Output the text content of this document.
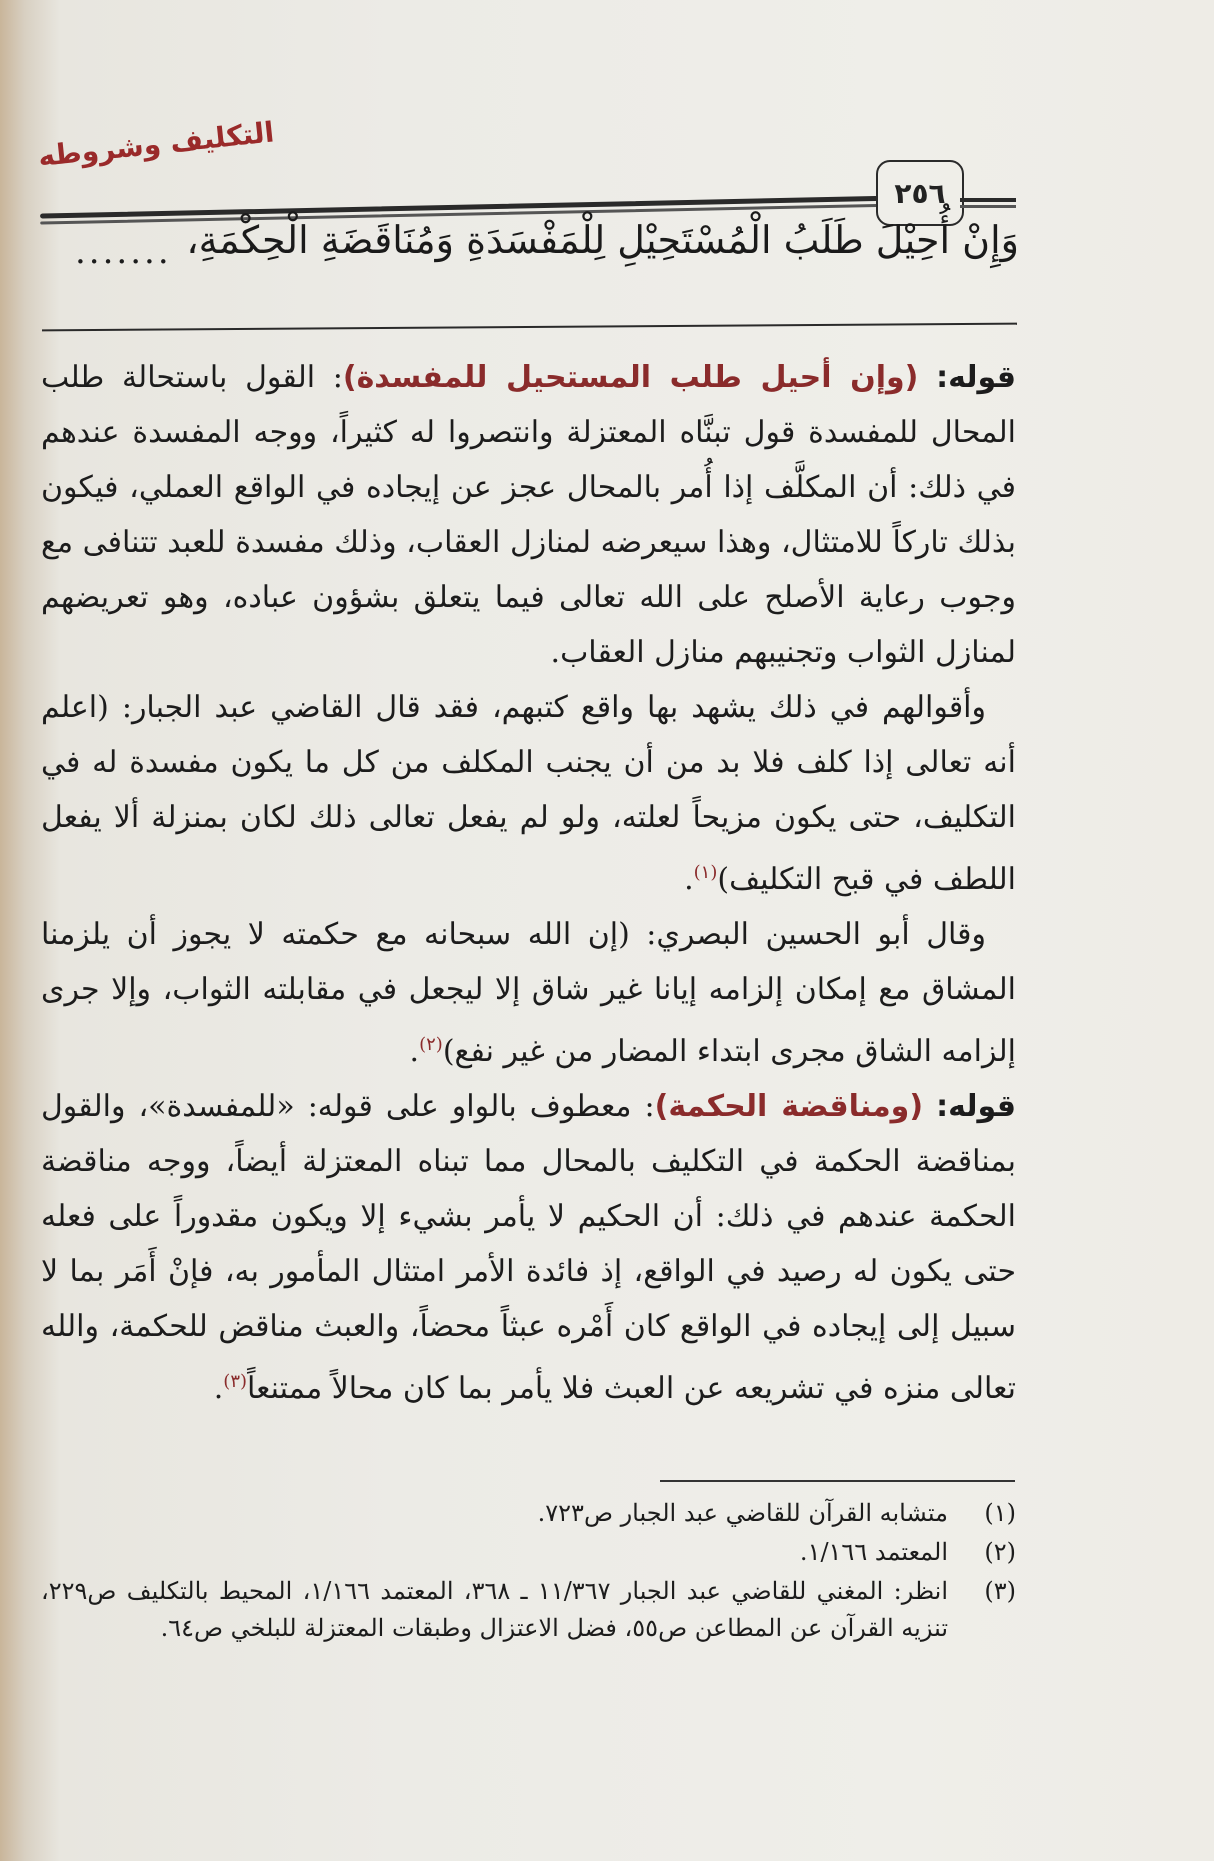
التكليف وشروطه
٢٥٦
وَإِنْ أُحِيْلَ طَلَبُ الْمُسْتَحِيْلِ لِلْمَفْسَدَةِ وَمُنَاقَضَةِ الْحِكْمَةِ،
.......

قوله: (وإن أحيل طلب المستحيل للمفسدة): القول باستحالة طلب المحال للمفسدة قول تبنَّاه المعتزلة وانتصروا له كثيراً، ووجه المفسدة عندهم في ذلك: أن المكلَّف إذا أُمر بالمحال عجز عن إيجاده في الواقع العملي، فيكون بذلك تاركاً للامتثال، وهذا سيعرضه لمنازل العقاب، وذلك مفسدة للعبد تتنافى مع وجوب رعاية الأصلح على الله تعالى فيما يتعلق بشؤون عباده، وهو تعريضهم لمنازل الثواب وتجنيبهم منازل العقاب.

وأقوالهم في ذلك يشهد بها واقع كتبهم، فقد قال القاضي عبد الجبار: (اعلم أنه تعالى إذا كلف فلا بد من أن يجنب المكلف من كل ما يكون مفسدة له في التكليف، حتى يكون مزيحاً لعلته، ولو لم يفعل تعالى ذلك لكان بمنزلة ألا يفعل اللطف في قبح التكليف)$^{(١)}$.

وقال أبو الحسين البصري: (إن الله سبحانه مع حكمته لا يجوز أن يلزمنا المشاق مع إمكان إلزامه إيانا غير شاق إلا ليجعل في مقابلته الثواب، وإلا جرى إلزامه الشاق مجرى ابتداء المضار من غير نفع)$^{(٢)}$.

قوله: (ومناقضة الحكمة): معطوف بالواو على قوله: «للمفسدة»، والقول بمناقضة الحكمة في التكليف بالمحال مما تبناه المعتزلة أيضاً، ووجه مناقضة الحكمة عندهم في ذلك: أن الحكيم لا يأمر بشيء إلا ويكون مقدوراً على فعله حتى يكون له رصيد في الواقع، إذ فائدة الأمر امتثال المأمور به، فإنْ أَمَر بما لا سبيل إلى إيجاده في الواقع كان أَمْره عبثاً محضاً، والعبث مناقض للحكمة، والله تعالى منزه في تشريعه عن العبث فلا يأمر بما كان محالاً ممتنعاً$^{(٣)}$.

(١)
متشابه القرآن للقاضي عبد الجبار ص٧٢٣.
(٢)
المعتمد ١/١٦٦.
(٣)
انظر: المغني للقاضي عبد الجبار ١١/٣٦٧ ـ ٣٦٨، المعتمد ١/١٦٦، المحيط بالتكليف ص٢٢٩، تنزيه القرآن عن المطاعن ص٥٥، فضل الاعتزال وطبقات المعتزلة للبلخي ص٦٤.
